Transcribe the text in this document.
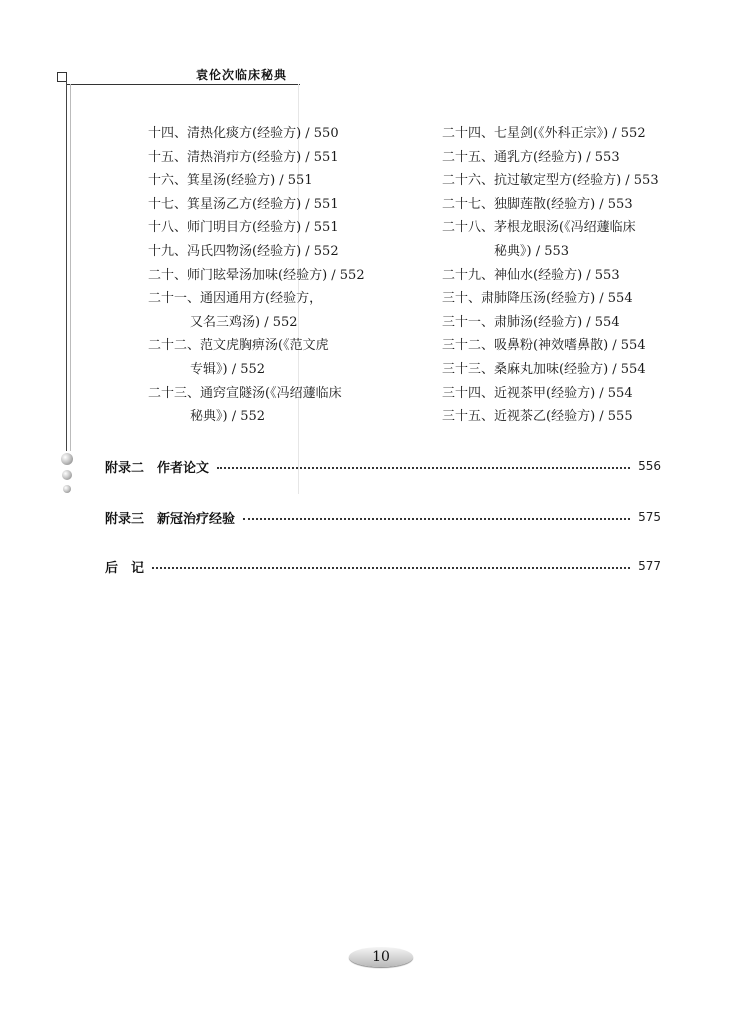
袁伦次临床秘典
十四、清热化痰方(经验方) / 550
十五、清热消疖方(经验方) / 551
十六、箕星汤(经验方) / 551
十七、箕星汤乙方(经验方) / 551
十八、师门明目方(经验方) / 551
十九、冯氏四物汤(经验方) / 552
二十、师门眩晕汤加味(经验方) / 552
二十一、通因通用方(经验方，
又名三鸡汤) / 552
二十二、范文虎胸痹汤(《范文虎
专辑》) / 552
二十三、通窍宣隧汤(《冯绍蘧临床
秘典》) / 552
二十四、七星剑(《外科正宗》) / 552
二十五、通乳方(经验方) / 553
二十六、抗过敏定型方(经验方) / 553
二十七、独脚莲散(经验方) / 553
二十八、茅根龙眼汤(《冯绍蘧临床
秘典》) / 553
二十九、神仙水(经验方) / 553
三十、肃肺降压汤(经验方) / 554
三十一、肃肺汤(经验方) / 554
三十二、吸鼻粉(神效嗜鼻散) / 554
三十三、桑麻丸加味(经验方) / 554
三十四、近视茶甲(经验方) / 554
三十五、近视茶乙(经验方) / 555
附录二　作者论文	556
附录三　新冠治疗经验	575
后　记	577
10
